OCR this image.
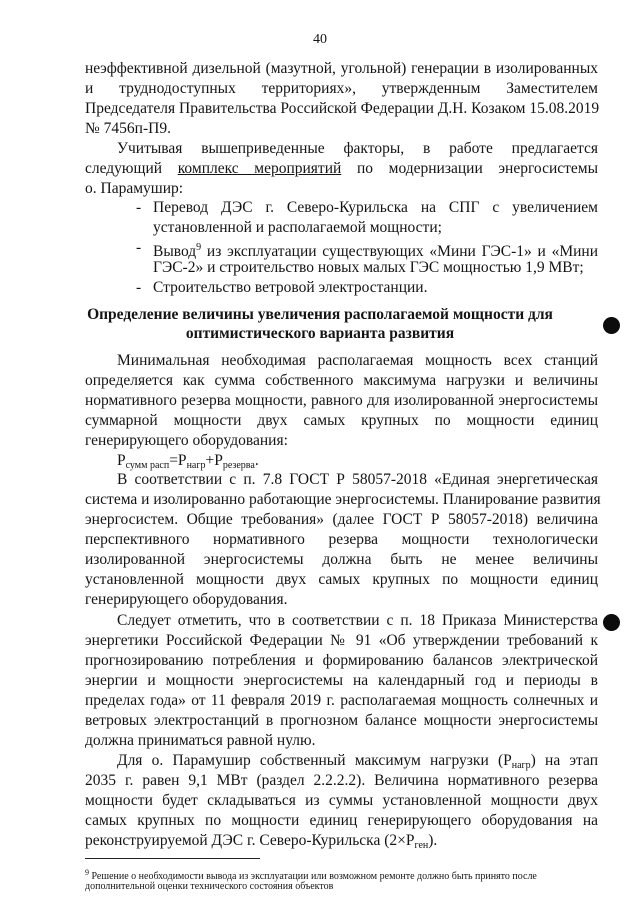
40
неэффективной дизельной (мазутной, угольной) генерации в изолированных
и труднодоступных территориях», утвержденным Заместителем
Председателя Правительства Российской Федерации Д.Н. Козаком 15.08.2019
№ 7456п-П9.
Учитывая вышеприведенные факторы, в работе предлагается
следующий комплекс мероприятий по модернизации энергосистемы
о. Парамушир:
- Перевод ДЭС г. Северо-Курильска на СПГ с увеличением
установленной и располагаемой мощности;
- Вывод$^9$ из эксплуатации существующих «Мини ГЭС-1» и «Мини
ГЭС-2» и строительство новых малых ГЭС мощностью 1,9 МВт;
- Строительство ветровой электростанции.
Определение величины увеличения располагаемой мощности для
оптимистического варианта развития
Минимальная необходимая располагаемая мощность всех станций
определяется как сумма собственного максимума нагрузки и величины
нормативного резерва мощности, равного для изолированной энергосистемы
суммарной мощности двух самых крупных по мощности единиц
генерирующего оборудования:
$P_{сумм расп}=P_{нагр}+P_{резерва}$.
В соответствии с п. 7.8 ГОСТ Р 58057-2018 «Единая энергетическая
система и изолированно работающие энергосистемы. Планирование развития
энергосистем. Общие требования» (далее ГОСТ Р 58057-2018) величина
перспективного нормативного резерва мощности технологически
изолированной энергосистемы должна быть не менее величины
установленной мощности двух самых крупных по мощности единиц
генерирующего оборудования.
Следует отметить, что в соответствии с п. 18 Приказа Министерства
энергетики Российской Федерации № 91 «Об утверждении требований к
прогнозированию потребления и формированию балансов электрической
энергии и мощности энергосистемы на календарный год и периоды в
пределах года» от 11 февраля 2019 г. располагаемая мощность солнечных и
ветровых электростанций в прогнозном балансе мощности энергосистемы
должна приниматься равной нулю.
Для о. Парамушир собственный максимум нагрузки $(P_{нагр})$ на этап
2035 г. равен 9,1 МВт (раздел 2.2.2.2). Величина нормативного резерва
мощности будет складываться из суммы установленной мощности двух
самых крупных по мощности единиц генерирующего оборудования на
реконструируемой ДЭС г. Северо-Курильска $(2\times P_{ген})$.
$^9$ Решение о необходимости вывода из эксплуатации или возможном ремонте должно быть принято после
дополнительной оценки технического состояния объектов
